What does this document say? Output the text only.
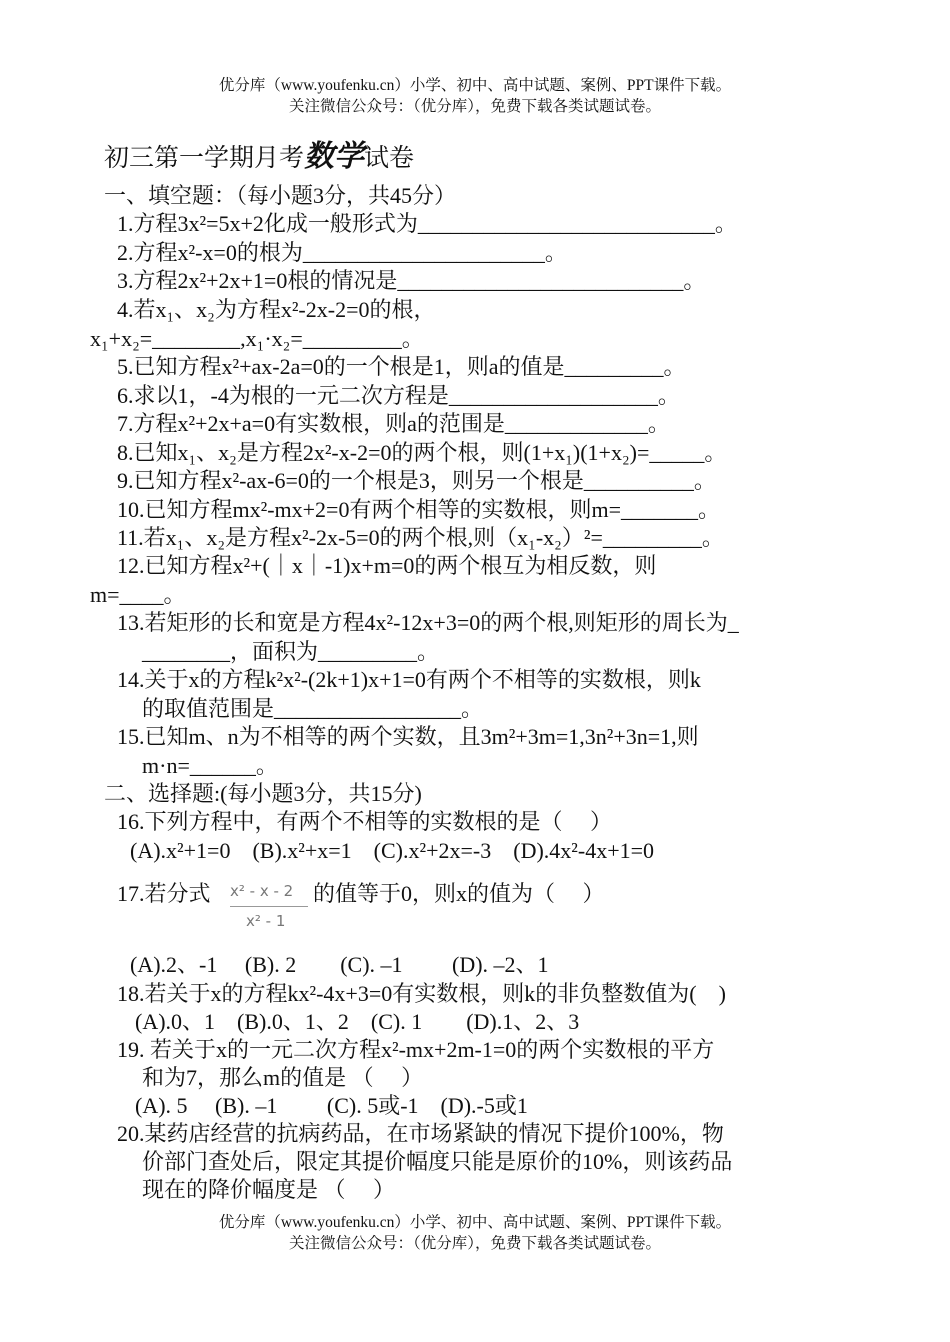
优分库（www.youfenku.cn）小学、初中、高中试题、案例、PPT课件下载。
关注微信公众号：（优分库），免费下载各类试题试卷。
初三第一学期月考数学试卷
一、填空题：（每小题3分，共45分）
1.方程3x²=5x+2化成一般形式为___________________________。
2.方程x²-x=0的根为______________________。
3.方程2x²+2x+1=0根的情况是__________________________。
4.若x₁、x₂为方程x²-2x-2=0的根，
x₁+x₂=________,x₁·x₂=_________。
5.已知方程x²+ax-2a=0的一个根是1，则a的值是_________。
6.求以1，-4为根的一元二次方程是___________________。
7.方程x²+2x+a=0有实数根，则a的范围是_____________。
8.已知x₁、x₂是方程2x²-x-2=0的两个根，则(1+x₁)(1+x₂)=_____。
9.已知方程x²-ax-6=0的一个根是3，则另一个根是__________。
10.已知方程mx²-mx+2=0有两个相等的实数根，则m=_______。
11.若x₁、x₂是方程x²-2x-5=0的两个根,则（x₁-x₂）²=_________。
12.已知方程x²+(｜x｜-1)x+m=0的两个根互为相反数，则
m=____。
13.若矩形的长和宽是方程4x²-12x+3=0的两个根,则矩形的周长为_
________，面积为_________。
14.关于x的方程k²x²-(2k+1)x+1=0有两个不相等的实数根，则k
的取值范围是_________________。
15.已知m、n为不相等的两个实数，且3m²+3m=1,3n²+3n=1,则
m·n=______。
二、选择题:(每小题3分，共15分)
16.下列方程中，有两个不相等的实数根的是（　 ）
(A).x²+1=0　(B).x²+x=1　(C).x²+2x=-3　(D).4x²-4x+1=0
17.若分式 x² - x - 2
x² - 1
的值等于0，则x的值为（　 ）
(A).2、-1　 (B). 2　　(C). –1　　 (D). –2、1
18.若关于x的方程kx²-4x+3=0有实数根，则k的非负整数值为(　)
(A).0、1　(B).0、1、2　(C). 1　　(D).1、2、3
19. 若关于x的一元二次方程x²-mx+2m-1=0的两个实数根的平方
和为7，那么m的值是 （　 ）
(A). 5　 (B). –1　　 (C). 5或-1　(D).-5或1
20.某药店经营的抗病药品，在市场紧缺的情况下提价100%，物
价部门查处后，限定其提价幅度只能是原价的10%，则该药品
现在的降价幅度是 （　 ）
优分库（www.youfenku.cn）小学、初中、高中试题、案例、PPT课件下载。
关注微信公众号：（优分库），免费下载各类试题试卷。
